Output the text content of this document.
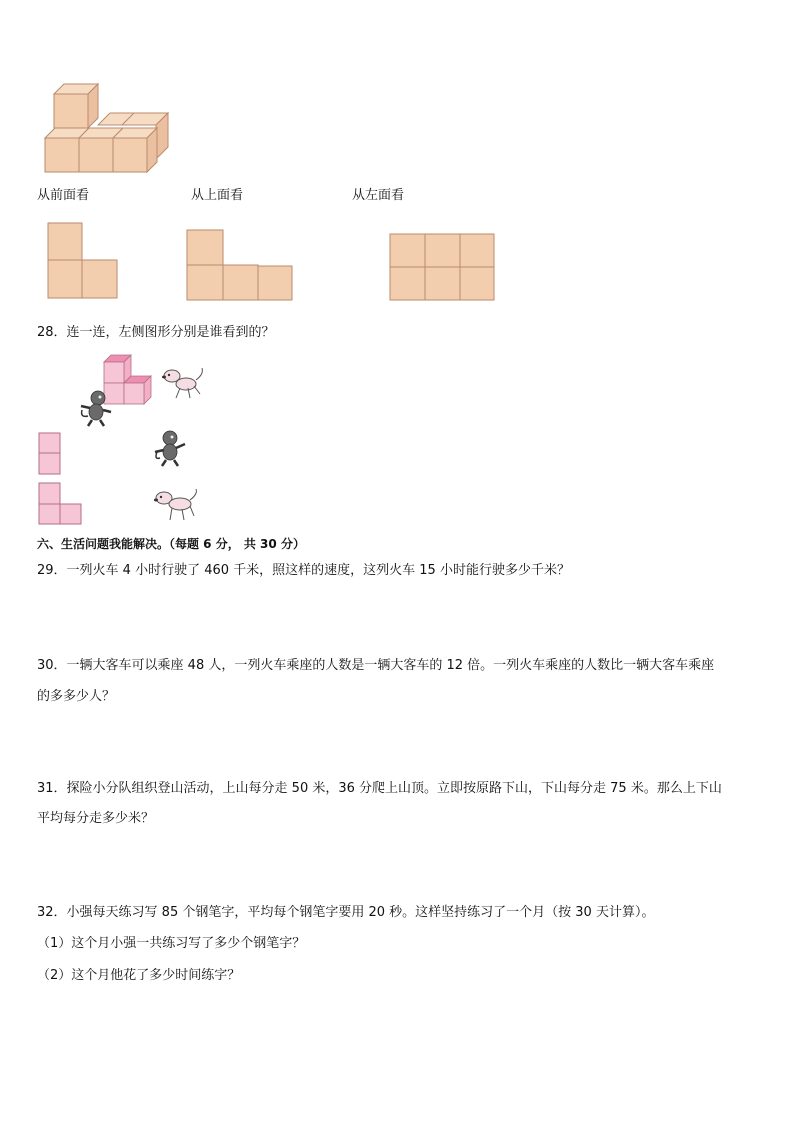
从前面看	从上面看	从左面看
28．连一连，左侧图形分别是谁看到的？
六、生活问题我能解决。（每题 6 分， 共 30 分）
29．一列火车 4 小时行驶了 460 千米，照这样的速度，这列火车 15 小时能行驶多少千米？
30．一辆大客车可以乘座 48 人，一列火车乘座的人数是一辆大客车的 12 倍。一列火车乘座的人数比一辆大客车乘座
的多多少人？
31．探险小分队组织登山活动，上山每分走 50 米，36 分爬上山顶。立即按原路下山，下山每分走 75 米。那么上下山
平均每分走多少米？
32．小强每天练习写 85 个钢笔字，平均每个钢笔字要用 20 秒。这样坚持练习了一个月（按 30 天计算）。
（1）这个月小强一共练习写了多少个钢笔字？
（2）这个月他花了多少时间练字？
